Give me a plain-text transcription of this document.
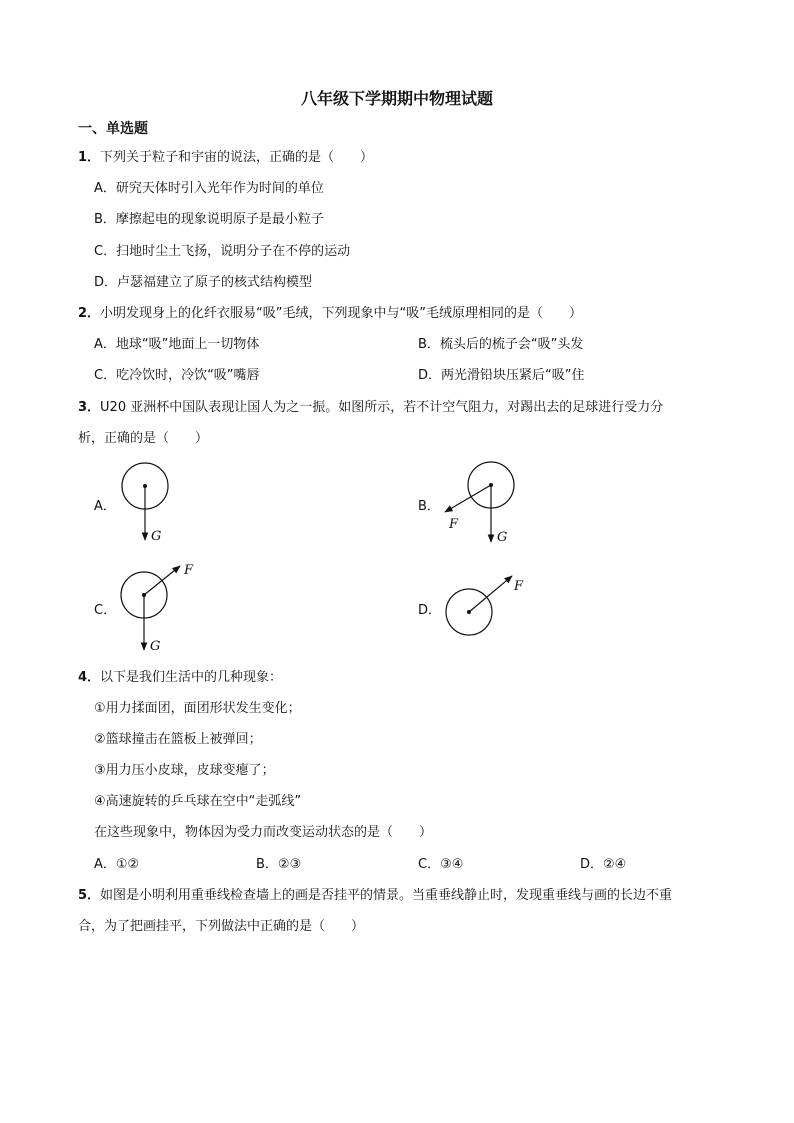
八年级下学期期中物理试题
一、单选题
1．下列关于粒子和宇宙的说法，正确的是（　　）
A．研究天体时引入光年作为时间的单位
B．摩擦起电的现象说明原子是最小粒子
C．扫地时尘土飞扬，说明分子在不停的运动
D．卢瑟福建立了原子的核式结构模型
2．小明发现身上的化纤衣服易“吸”毛绒，下列现象中与“吸”毛绒原理相同的是（　　）
A．地球“吸”地面上一切物体	B．梳头后的梳子会“吸”头发
C．吃冷饮时，冷饮“吸”嘴唇	D．两光滑铅块压紧后“吸”住
3．U20 亚洲杯中国队表现让国人为之一振。如图所示，若不计空气阻力，对踢出去的足球进行受力分
析，正确的是（　　）
A．
G
B．
F
G
C．
F
G
D．
F
4．以下是我们生活中的几种现象：
①用力揉面团，面团形状发生变化；
②篮球撞击在篮板上被弹回；
③用力压小皮球，皮球变瘪了；
④高速旋转的乒乓球在空中“走弧线”
在这些现象中，物体因为受力而改变运动状态的是（　　）
A．①②	B．②③	C．③④	D．②④
5．如图是小明利用重垂线检查墙上的画是否挂平的情景。当重垂线静止时，发现重垂线与画的长边不重
合，为了把画挂平，下列做法中正确的是（　　）
